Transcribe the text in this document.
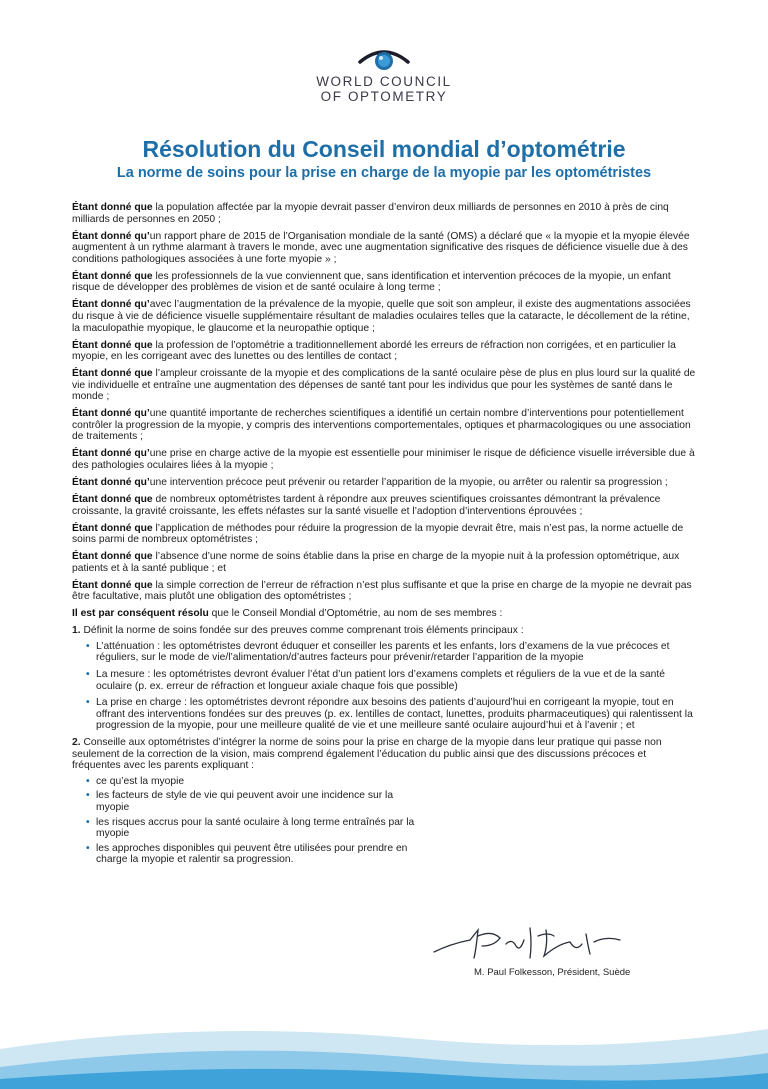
WORLD COUNCIL
OF OPTOMETRY
Résolution du Conseil mondial d’optométrie
La norme de soins pour la prise en charge de la myopie par les optométristes
Étant donné que la population affectée par la myopie devrait passer d’environ deux milliards de personnes en 2010 à près de cinq milliards de personnes en 2050 ;
Étant donné qu’un rapport phare de 2015 de l’Organisation mondiale de la santé (OMS) a déclaré que « la myopie et la myopie élevée augmentent à un rythme alarmant à travers le monde, avec une augmentation significative des risques de déficience visuelle due à des conditions pathologiques associées à une forte myopie » ;
Étant donné que les professionnels de la vue conviennent que, sans identification et intervention précoces de la myopie, un enfant risque de développer des problèmes de vision et de santé oculaire à long terme ;
Étant donné qu’avec l’augmentation de la prévalence de la myopie, quelle que soit son ampleur, il existe des augmentations associées du risque à vie de déficience visuelle supplémentaire résultant de maladies oculaires telles que la cataracte, le décollement de la rétine, la maculopathie myopique, le glaucome et la neuropathie optique ;
Étant donné que la profession de l’optométrie a traditionnellement abordé les erreurs de réfraction non corrigées, et en particulier la myopie, en les corrigeant avec des lunettes ou des lentilles de contact ;
Étant donné que l’ampleur croissante de la myopie et des complications de la santé oculaire pèse de plus en plus lourd sur la qualité de vie individuelle et entraîne une augmentation des dépenses de santé tant pour les individus que pour les systèmes de santé dans le monde ;
Étant donné qu’une quantité importante de recherches scientifiques a identifié un certain nombre d’interventions pour potentiellement contrôler la progression de la myopie, y compris des interventions comportementales, optiques et pharmacologiques ou une association de traitements ;
Étant donné qu’une prise en charge active de la myopie est essentielle pour minimiser le risque de déficience visuelle irréversible due à des pathologies oculaires liées à la myopie ;
Étant donné qu’une intervention précoce peut prévenir ou retarder l’apparition de la myopie, ou arrêter ou ralentir sa progression ;
Étant donné que de nombreux optométristes tardent à répondre aux preuves scientifiques croissantes démontrant la prévalence croissante, la gravité croissante, les effets néfastes sur la santé visuelle et l’adoption d’interventions éprouvées ;
Étant donné que l’application de méthodes pour réduire la progression de la myopie devrait être, mais n’est pas, la norme actuelle de soins parmi de nombreux optométristes ;
Étant donné que l’absence d’une norme de soins établie dans la prise en charge de la myopie nuit à la profession optométrique, aux patients et à la santé publique ; et
Étant donné que la simple correction de l’erreur de réfraction n’est plus suffisante et que la prise en charge de la myopie ne devrait pas être facultative, mais plutôt une obligation des optométristes ;
Il est par conséquent résolu que le Conseil Mondial d’Optométrie, au nom de ses membres :
1. Définit la norme de soins fondée sur des preuves comme comprenant trois éléments principaux :
• L’atténuation : les optométristes devront éduquer et conseiller les parents et les enfants, lors d’examens de la vue précoces et réguliers, sur le mode de vie/l’alimentation/d’autres facteurs pour prévenir/retarder l’apparition de la myopie
• La mesure : les optométristes devront évaluer l’état d’un patient lors d’examens complets et réguliers de la vue et de la santé oculaire (p. ex. erreur de réfraction et longueur axiale chaque fois que possible)
• La prise en charge : les optométristes devront répondre aux besoins des patients d’aujourd’hui en corrigeant la myopie, tout en offrant des interventions fondées sur des preuves (p. ex. lentilles de contact, lunettes, produits pharmaceutiques) qui ralentissent la progression de la myopie, pour une meilleure qualité de vie et une meilleure santé oculaire aujourd’hui et à l’avenir ; et
2. Conseille aux optométristes d’intégrer la norme de soins pour la prise en charge de la myopie dans leur pratique qui passe non seulement de la correction de la vision, mais comprend également l’éducation du public ainsi que des discussions précoces et fréquentes avec les parents expliquant :
• ce qu’est la myopie
• les facteurs de style de vie qui peuvent avoir une incidence sur la myopie
• les risques accrus pour la santé oculaire à long terme entraînés par la myopie
• les approches disponibles qui peuvent être utilisées pour prendre en charge la myopie et ralentir sa progression.
M. Paul Folkesson, Président, Suède
